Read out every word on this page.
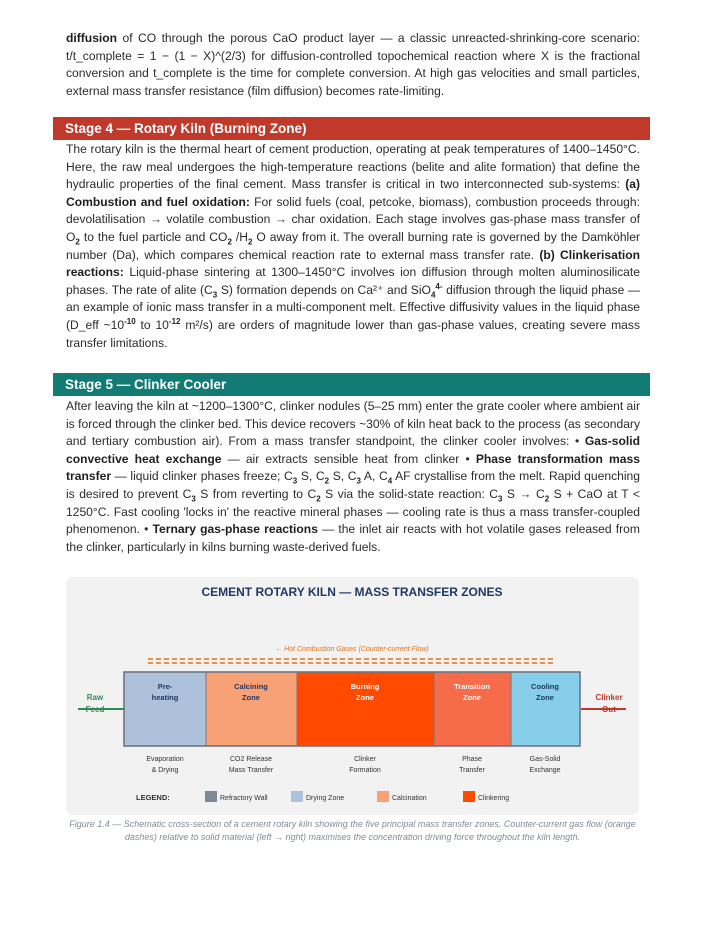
diffusion of CO through the porous CaO product layer — a classic unreacted-shrinking-core scenario: t/t_complete = 1 − (1 − X)^(2/3) for diffusion-controlled topochemical reaction where X is the fractional conversion and t_complete is the time for complete conversion. At high gas velocities and small particles, external mass transfer resistance (film diffusion) becomes rate-limiting.

Stage 4 — Rotary Kiln (Burning Zone)

The rotary kiln is the thermal heart of cement production, operating at peak temperatures of 1400–1450°C. Here, the raw meal undergoes the high-temperature reactions (belite and alite formation) that define the hydraulic properties of the final cement. Mass transfer is critical in two interconnected sub-systems: (a) Combustion and fuel oxidation: For solid fuels (coal, petcoke, biomass), combustion proceeds through: devolatilisation → volatile combustion → char oxidation. Each stage involves gas-phase mass transfer of $O_2$ to the fuel particle and $CO_2$ $/H_2$ O away from it. The overall burning rate is governed by the Damköhler number (Da), which compares chemical reaction rate to external mass transfer rate. (b) Clinkerisation reactions: Liquid-phase sintering at 1300–1450°C involves ion diffusion through molten aluminosilicate phases. The rate of alite ($C_3$ S) formation depends on Ca²⁺ and SiO$_4^{4-}$ diffusion through the liquid phase — an example of ionic mass transfer in a multi-component melt. Effective diffusivity values in the liquid phase (D_eff $\sim 10^{-10}$ to $10^{-12}$ m²/s) are orders of magnitude lower than gas-phase values, creating severe mass transfer limitations.

Stage 5 — Clinker Cooler

After leaving the kiln at ~1200–1300°C, clinker nodules (5–25 mm) enter the grate cooler where ambient air is forced through the clinker bed. This device recovers ~30% of kiln heat back to the process (as secondary and tertiary combustion air). From a mass transfer standpoint, the clinker cooler involves: • Gas-solid convective heat exchange — air extracts sensible heat from clinker • Phase transformation mass transfer — liquid clinker phases freeze; $C_3$ S, $C_2$ S, $C_3$ A, $C_4$ AF crystallise from the melt. Rapid quenching is desired to prevent $C_3$ S from reverting to $C_2$ S via the solid-state reaction: $C_3$ $S \to C_2$ S + CaO at T < 1250°C. Fast cooling 'locks in' the reactive mineral phases — cooling rate is thus a mass transfer-coupled phenomenon. • Ternary gas-phase reactions — the inlet air reacts with hot volatile gases released from the clinker, particularly in kilns burning waste-derived fuels.

CEMENT ROTARY KILN — MASS TRANSFER ZONES
← Hot Combustion Gases (Counter-current Flow)
Raw
Feed
Clinker
Out
Pre-
heating
Calcining
Zone
Burning
Zone
Transition
Zone
Cooling
Zone
Evaporation
& Drying
CO2 Release
Mass Transfer
Clinker
Formation
Phase
Transfer
Gas-Solid
Exchange
LEGEND:	Refractory Wall	Drying Zone	Calcination	Clinkering
Figure 1.4 — Schematic cross-section of a cement rotary kiln showing the five principal mass transfer zones. Counter-current gas flow (orange dashes) relative to solid material (left → right) maximises the concentration driving force throughout the kiln length.
